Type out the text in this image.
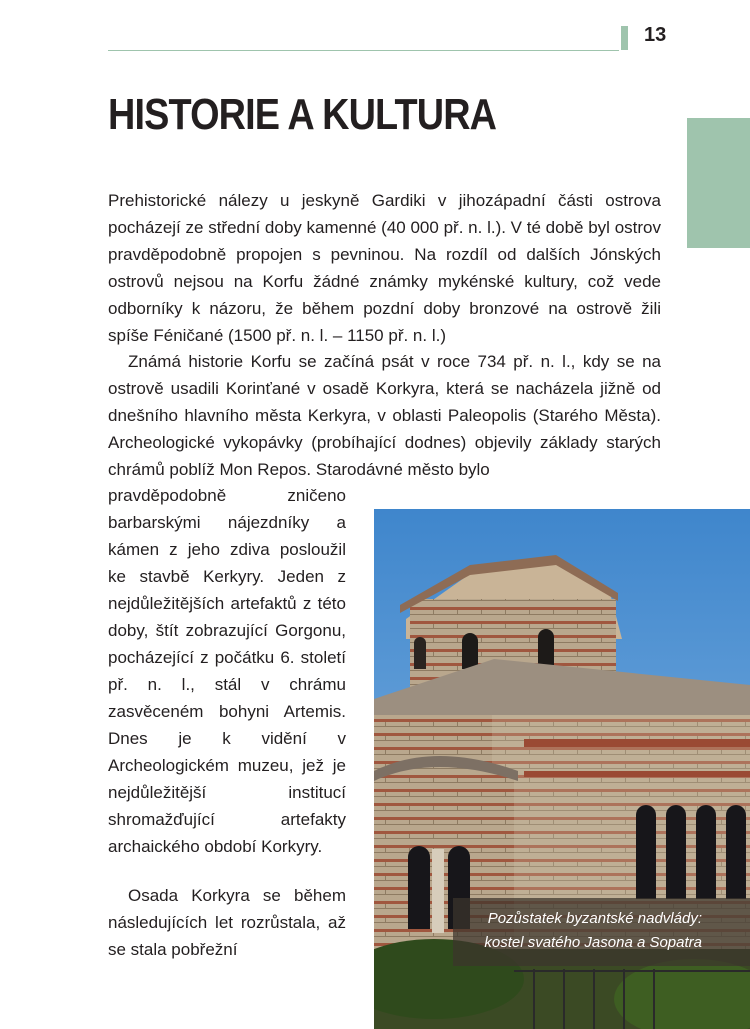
13
HISTORIE A KULTURA

Prehistorické nálezy u jeskyně Gardiki v jihozápadní části ostrova pocházejí ze střední doby kamenné (40 000 př. n. l.). V té době byl ostrov pravděpodobně propojen s pevninou. Na rozdíl od dalších Jónských ostrovů nejsou na Korfu žádné známky mykénské kultury, což vede odborníky k názoru, že během pozdní doby bronzové na ostrově žili spíše Féničané (1500 př. n. l. – 1150 př. n. l.)

Známá historie Korfu se začíná psát v roce 734 př. n. l., kdy se na ostrově usadili Korinťané v osadě Korkyra, která se nacházela jižně od dnešního hlavního města Kerkyra, v oblasti Paleopolis (Starého Města). Archeologické vykopávky (probíhající dodnes) objevily základy starých chrámů poblíž Mon Repos. Starodávné město bylo

pravděpodobně zničeno barbarskými nájezdníky a kámen z jeho zdiva posloužil ke stavbě Kerkyry. Jeden z nejdůležitějších artefaktů z této doby, štít zobrazující Gorgonu, pocházející z počátku 6. století př. n. l., stál v chrámu zasvěceném bohyni Artemis. Dnes je k vidění v Archeologickém muzeu, jež je nejdůležitější institucí shromažďující artefakty archaického období Korkyry.

Osada Korkyra se během následujících let rozrůstala, až se stala pobřežní

Pozůstatek byzantské nadvlády:
kostel svatého Jasona a Sopatra
